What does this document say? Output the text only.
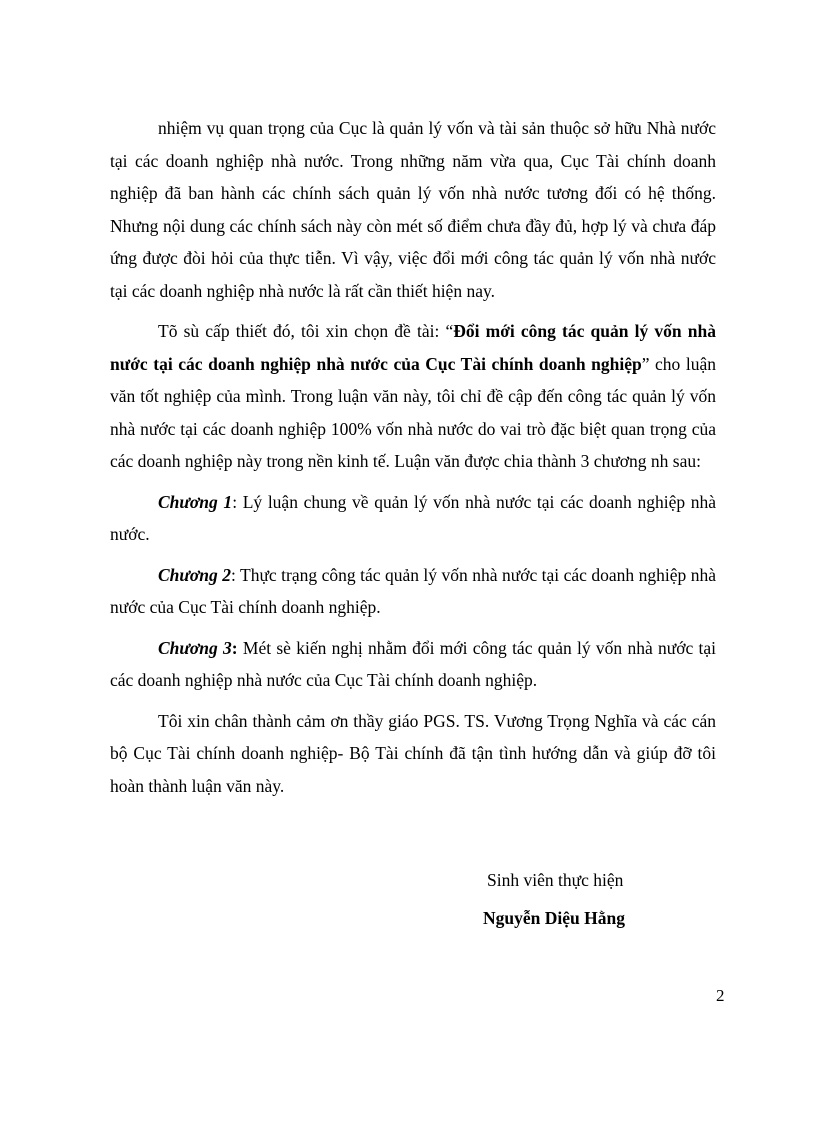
nhiệm vụ quan trọng của Cục là quản lý vốn và tài sản thuộc sở hữu Nhà nước tại các doanh nghiệp nhà nước. Trong những năm vừa qua, Cục Tài chính doanh nghiệp đã ban hành các chính sách quản lý vốn nhà nước tương đối có hệ thống. Nhưng nội dung các chính sách này còn mét số điểm chưa đầy đủ, hợp lý và chưa đáp ứng được đòi hỏi của thực tiễn. Vì vậy, việc đổi mới công tác quản lý vốn nhà nước tại các doanh nghiệp nhà nước là rất cần thiết hiện nay.

Tõ sù cấp thiết đó, tôi xin chọn đề tài: “Đổi mới công tác quản lý vốn nhà nước tại các doanh nghiệp nhà nước của Cục Tài chính doanh nghiệp” cho luận văn tốt nghiệp của mình. Trong luận văn này, tôi chỉ đề cập đến công tác quản lý vốn nhà nước tại các doanh nghiệp 100% vốn nhà nước do vai trò đặc biệt quan trọng của các doanh nghiệp này trong nền kinh tế. Luận văn được chia thành 3 chương nh sau:

Chương 1: Lý luận chung về quản lý vốn nhà nước tại các doanh nghiệp nhà nước.

Chương 2: Thực trạng công tác quản lý vốn nhà nước tại các doanh nghiệp nhà nước của Cục Tài chính doanh nghiệp.

Chương 3: Mét sè kiến nghị nhằm đổi mới công tác quản lý vốn nhà nước tại các doanh nghiệp nhà nước của Cục Tài chính doanh nghiệp.

Tôi xin chân thành cảm ơn thầy giáo PGS. TS. Vương Trọng Nghĩa và các cán bộ Cục Tài chính doanh nghiệp- Bộ Tài chính đã tận tình hướng dẫn và giúp đỡ tôi hoàn thành luận văn này.

Sinh viên thực hiện
Nguyễn Diệu Hằng
2
